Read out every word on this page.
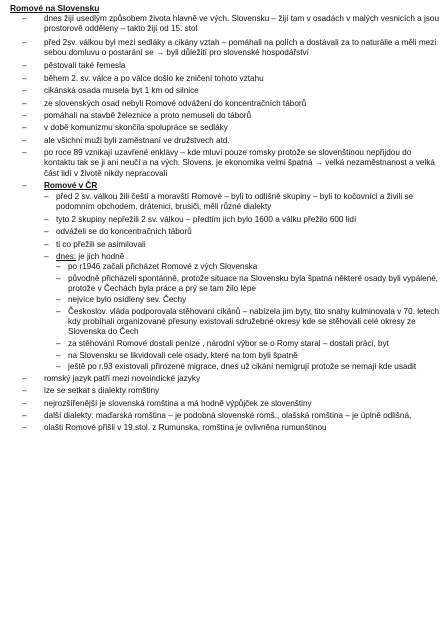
Romové na Slovensku
– dnes žijí usedlým způsobem života hlavně ve vých. Slovensku – žijí tam v osadách v malých vesnicích a jsou prostorově odděleny – takto žijí od 15. stol
– před 2sv. válkou byl mezi sedláky a cikány vztah – pomáhali na polích a dostávali za to naturálie a měli mezi sebou domluvu o postarání se → byli důležití pro slovenské hospodářství
– pěstovali také řemesla
– během 2. sv. válce a po válce došlo ke zničení tohoto vztahu
– cikánská osada musela byt 1 km od silnice
– ze slovenských osad nebyli Romové odvážení do koncentračních táborů
– pomáhali na stavbě železnice a proto nemuseli do táborů
– v době komunizmu skončila spolupráce se sedláky
– ale všichni muži byli zaměstnaní ve družstvech atd.
– po roce 89 vznikají uzavřené enklávy – kde mluví pouze romsky protože se slovenštinou nepřijdou do kontaktu tak se ji ani neučí a na vých. Slovens. je ekonomika velmi špatná → velká nezaměstnanost a velká část lidí v životě nikdy nepracovali
– Romové v ČR
– před 2 sv. válkou žili čeští a moravští Romové – byli to odlišné skupiny – byli to kočovníci a živili se podomním obchodem, drátenici, brusiči, měli různé dialekty
– tyto 2 skupiny nepřežili 2 sv. válkou – předtím jich bylo 1600 a válku přežilo 600 lidí
– odváželi se do koncentračních táborů
– ti co přežili se asimilovali
– dnes: je jich hodně
– po r1946 začali přicházet Romové z vých Slovenska
– původně přicházeli spontánně, protože situace na Slovensku byla špatná některé osady byli vypálené, protože v Čechách byla práce a prý se tam žilo lépe
– nejvíce bylo osídleny sev. Čechy
– Českoslov. vláda podporovala stěhovaní cikánů – nabízela jim byty, tito snahy kulminovala v 70. letech kdy probíhali organizované přesuny existovali sdružebné okresy kde se stěhovali celé okresy ze Slovenska do Čech
– za stěhování Romové dostali peníze , národní výbor se o Romy staral – dostali práci, byt
– na Slovensku se likvidovali cele osady, které na tom byli špatně
– ještě po r.93 existovali přirozené migrace, dnes už cikání nemigrují protože se nemají kde usadit
– romský jazyk patří mezi novoindické jazyky
– lze se setkat s dialekty romštiny
– nejrozšířenější je slovenská romština a má hodně výpůjček ze slovenštiny
– další dialekty: maďarská romština – je podobná slovenské romš., olašská romština – je úplně odlišná,
– olašti Romové přišli v 19.stol. z Rumunska, romština je ovlivněna rumunštinou
